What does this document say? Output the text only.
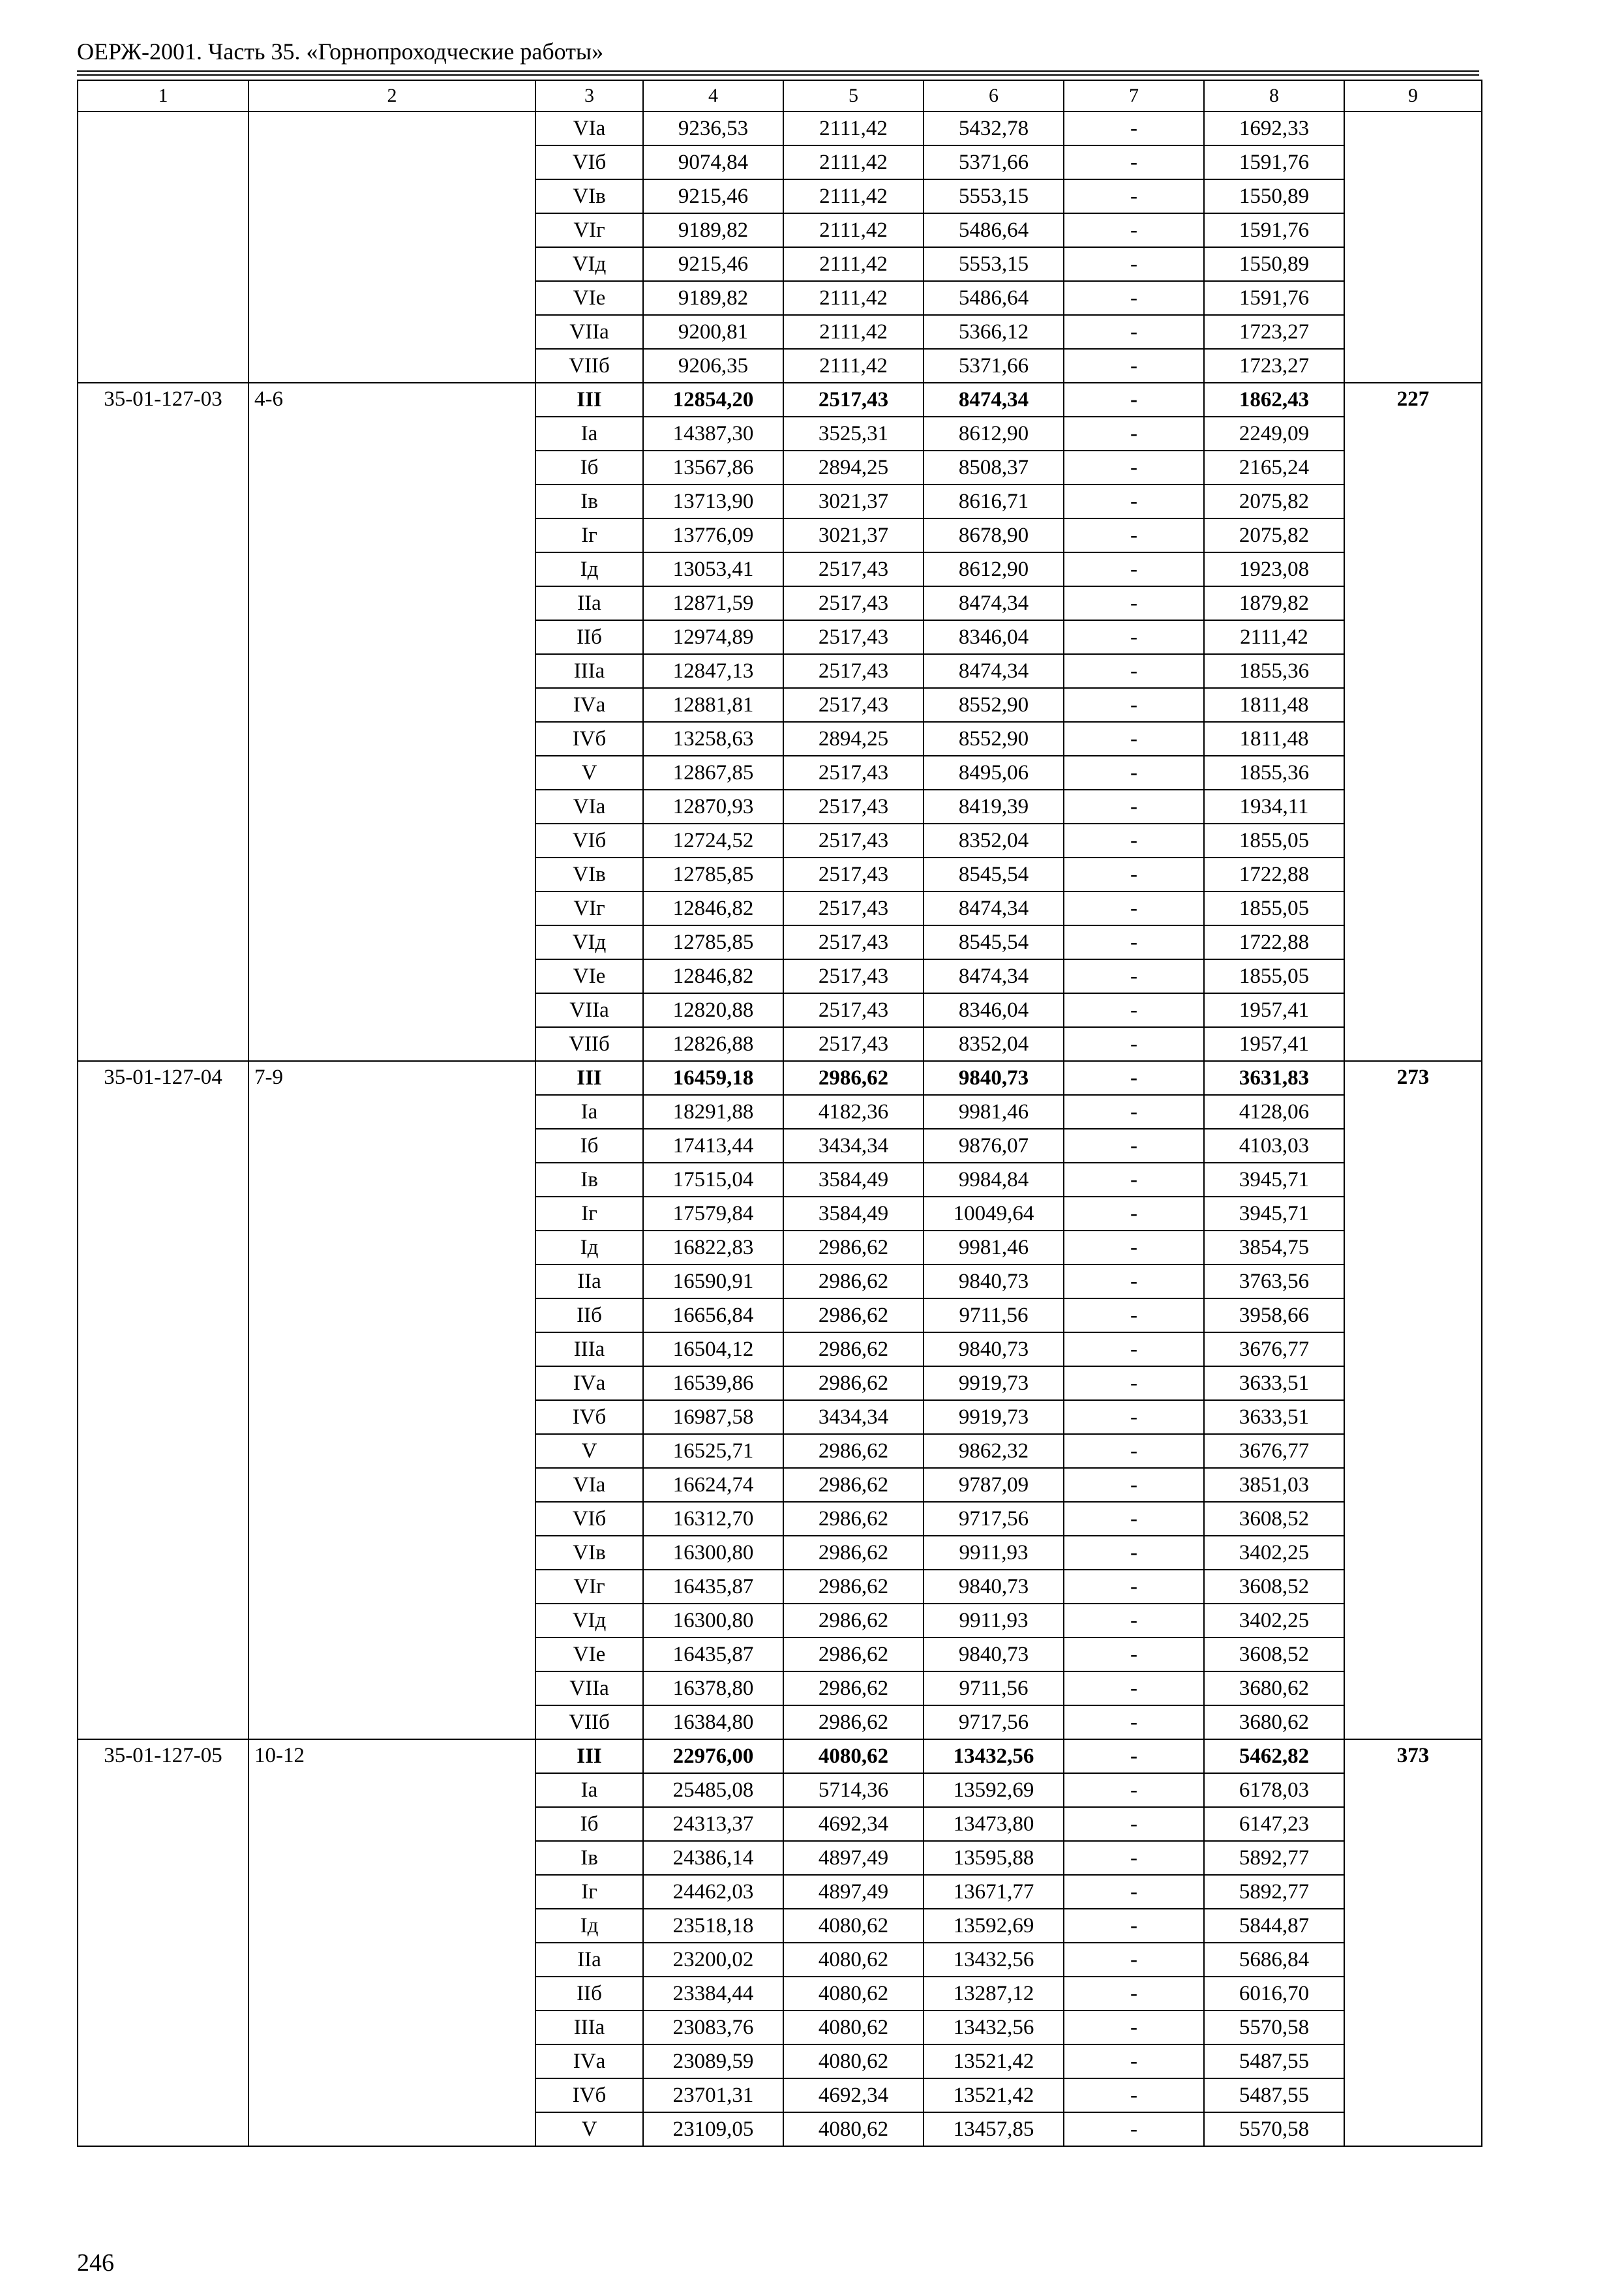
ОЕРЖ-2001. Часть 35. «Горнопроходческие работы»
1	2	3	4	5	6	7	8	9
		VIа	9236,53	2111,42	5432,78	-	1692,33	
		VIб	9074,84	2111,42	5371,66	-	1591,76	
		VIв	9215,46	2111,42	5553,15	-	1550,89	
		VIг	9189,82	2111,42	5486,64	-	1591,76	
		VIд	9215,46	2111,42	5553,15	-	1550,89	
		VIе	9189,82	2111,42	5486,64	-	1591,76	
		VIIа	9200,81	2111,42	5366,12	-	1723,27	
		VIIб	9206,35	2111,42	5371,66	-	1723,27	
35-01-127-03	4-6	III	12854,20	2517,43	8474,34	-	1862,43	227
		Iа	14387,30	3525,31	8612,90	-	2249,09	
		Iб	13567,86	2894,25	8508,37	-	2165,24	
		Iв	13713,90	3021,37	8616,71	-	2075,82	
		Iг	13776,09	3021,37	8678,90	-	2075,82	
		Iд	13053,41	2517,43	8612,90	-	1923,08	
		IIа	12871,59	2517,43	8474,34	-	1879,82	
		IIб	12974,89	2517,43	8346,04	-	2111,42	
		IIIа	12847,13	2517,43	8474,34	-	1855,36	
		IVа	12881,81	2517,43	8552,90	-	1811,48	
		IVб	13258,63	2894,25	8552,90	-	1811,48	
		V	12867,85	2517,43	8495,06	-	1855,36	
		VIа	12870,93	2517,43	8419,39	-	1934,11	
		VIб	12724,52	2517,43	8352,04	-	1855,05	
		VIв	12785,85	2517,43	8545,54	-	1722,88	
		VIг	12846,82	2517,43	8474,34	-	1855,05	
		VIд	12785,85	2517,43	8545,54	-	1722,88	
		VIе	12846,82	2517,43	8474,34	-	1855,05	
		VIIа	12820,88	2517,43	8346,04	-	1957,41	
		VIIб	12826,88	2517,43	8352,04	-	1957,41	
35-01-127-04	7-9	III	16459,18	2986,62	9840,73	-	3631,83	273
		Iа	18291,88	4182,36	9981,46	-	4128,06	
		Iб	17413,44	3434,34	9876,07	-	4103,03	
		Iв	17515,04	3584,49	9984,84	-	3945,71	
		Iг	17579,84	3584,49	10049,64	-	3945,71	
		Iд	16822,83	2986,62	9981,46	-	3854,75	
		IIа	16590,91	2986,62	9840,73	-	3763,56	
		IIб	16656,84	2986,62	9711,56	-	3958,66	
		IIIа	16504,12	2986,62	9840,73	-	3676,77	
		IVа	16539,86	2986,62	9919,73	-	3633,51	
		IVб	16987,58	3434,34	9919,73	-	3633,51	
		V	16525,71	2986,62	9862,32	-	3676,77	
		VIа	16624,74	2986,62	9787,09	-	3851,03	
		VIб	16312,70	2986,62	9717,56	-	3608,52	
		VIв	16300,80	2986,62	9911,93	-	3402,25	
		VIг	16435,87	2986,62	9840,73	-	3608,52	
		VIд	16300,80	2986,62	9911,93	-	3402,25	
		VIе	16435,87	2986,62	9840,73	-	3608,52	
		VIIа	16378,80	2986,62	9711,56	-	3680,62	
		VIIб	16384,80	2986,62	9717,56	-	3680,62	
35-01-127-05	10-12	III	22976,00	4080,62	13432,56	-	5462,82	373
		Iа	25485,08	5714,36	13592,69	-	6178,03	
		Iб	24313,37	4692,34	13473,80	-	6147,23	
		Iв	24386,14	4897,49	13595,88	-	5892,77	
		Iг	24462,03	4897,49	13671,77	-	5892,77	
		Iд	23518,18	4080,62	13592,69	-	5844,87	
		IIа	23200,02	4080,62	13432,56	-	5686,84	
		IIб	23384,44	4080,62	13287,12	-	6016,70	
		IIIа	23083,76	4080,62	13432,56	-	5570,58	
		IVа	23089,59	4080,62	13521,42	-	5487,55	
		IVб	23701,31	4692,34	13521,42	-	5487,55	
		V	23109,05	4080,62	13457,85	-	5570,58	
246
